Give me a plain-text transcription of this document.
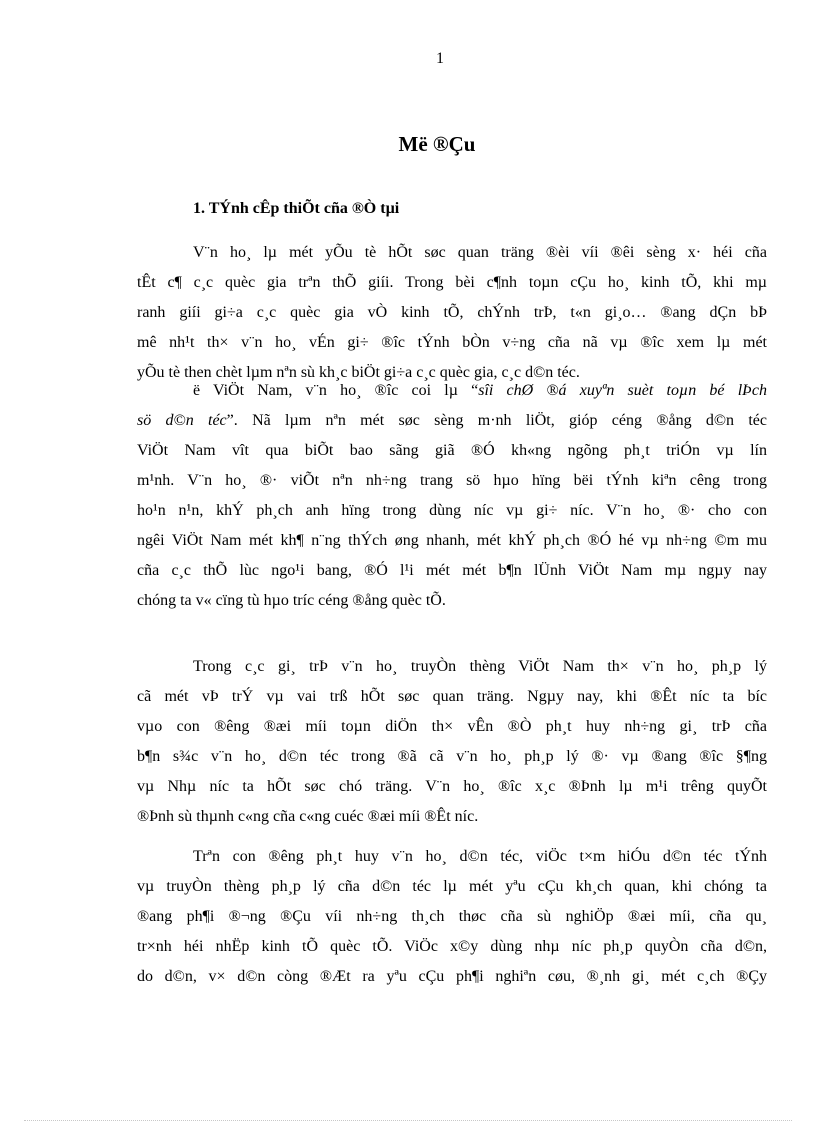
1
Më ®Çu
1. TÝnh cÊp thiÕt cña ®Ò tµi

V¨n ho¸ lµ mét yÕu tè hÕt søc quan träng ®èi víi ®êi sèng x· héi cña
tÊt c¶ c¸c quèc gia trªn thÕ giíi. Trong bèi c¶nh toµn cÇu ho¸ kinh tÕ, khi mµ
ranh giíi gi÷a c¸c quèc gia vÒ kinh tÕ, chÝnh trÞ, t«n gi¸o… ®ang dÇn bÞ
mê nh¹t th× v¨n ho¸ vÉn gi÷ ®îc tÝnh bÒn v÷ng cña nã vµ ®îc xem lµ mét
yÕu tè then chèt lµm nªn sù kh¸c biÖt gi÷a c¸c quèc gia, c¸c d©n téc.

ë ViÖt Nam, v¨n ho¸ ®îc coi lµ “sîi chØ ®á xuyªn suèt toµn bé lÞch
sö d©n téc”. Nã lµm nªn mét søc sèng m·nh liÖt, gióp céng ®ång d©n téc
ViÖt Nam vît qua biÕt bao sãng giã ®Ó kh«ng ngõng ph¸t triÓn vµ lín
m¹nh. V¨n ho¸ ®· viÕt nªn nh÷ng trang sö hµo hïng bëi tÝnh kiªn cêng trong
ho¹n n¹n, khÝ ph¸ch anh hïng trong dùng níc vµ gi÷ níc. V¨n ho¸ ®· cho con
ngêi ViÖt Nam mét kh¶ n¨ng thÝch øng nhanh, mét khÝ ph¸ch ®Ó hé vµ nh÷ng ©m mu
cña c¸c thÕ lùc ngo¹i bang, ®Ó l¹i mét mét b¶n lÜnh ViÖt Nam mµ ngµy nay
chóng ta v« cïng tù hµo tríc céng ®ång quèc tÕ.

Trong c¸c gi¸ trÞ v¨n ho¸ truyÒn thèng ViÖt Nam th× v¨n ho¸ ph¸p lý
cã mét vÞ trÝ vµ vai trß hÕt søc quan träng. Ngµy nay, khi ®Êt níc ta bíc
vµo con ®êng ®æi míi toµn diÖn th× vÊn ®Ò ph¸t huy nh÷ng gi¸ trÞ cña
b¶n s¾c v¨n ho¸ d©n téc trong ®ã cã v¨n ho¸ ph¸p lý ®· vµ ®ang ®îc §¶ng
vµ Nhµ níc ta hÕt søc chó träng. V¨n ho¸ ®îc x¸c ®Þnh lµ m¹i trêng quyÕt
®Þnh sù thµnh c«ng cña c«ng cuéc ®æi míi ®Êt níc.

Trªn con ®êng ph¸t huy v¨n ho¸ d©n téc, viÖc t×m hiÓu d©n téc tÝnh
vµ truyÒn thèng ph¸p lý cña d©n téc lµ mét yªu cÇu kh¸ch quan, khi chóng ta
®ang ph¶i ®¬ng ®Çu víi nh÷ng th¸ch thøc cña sù nghiÖp ®æi míi, cña qu¸
tr×nh héi nhËp kinh tÕ quèc tÕ. ViÖc x©y dùng nhµ níc ph¸p quyÒn cña d©n,
do d©n, v× d©n còng ®Æt ra yªu cÇu ph¶i nghiªn cøu, ®¸nh gi¸ mét c¸ch ®Çy
